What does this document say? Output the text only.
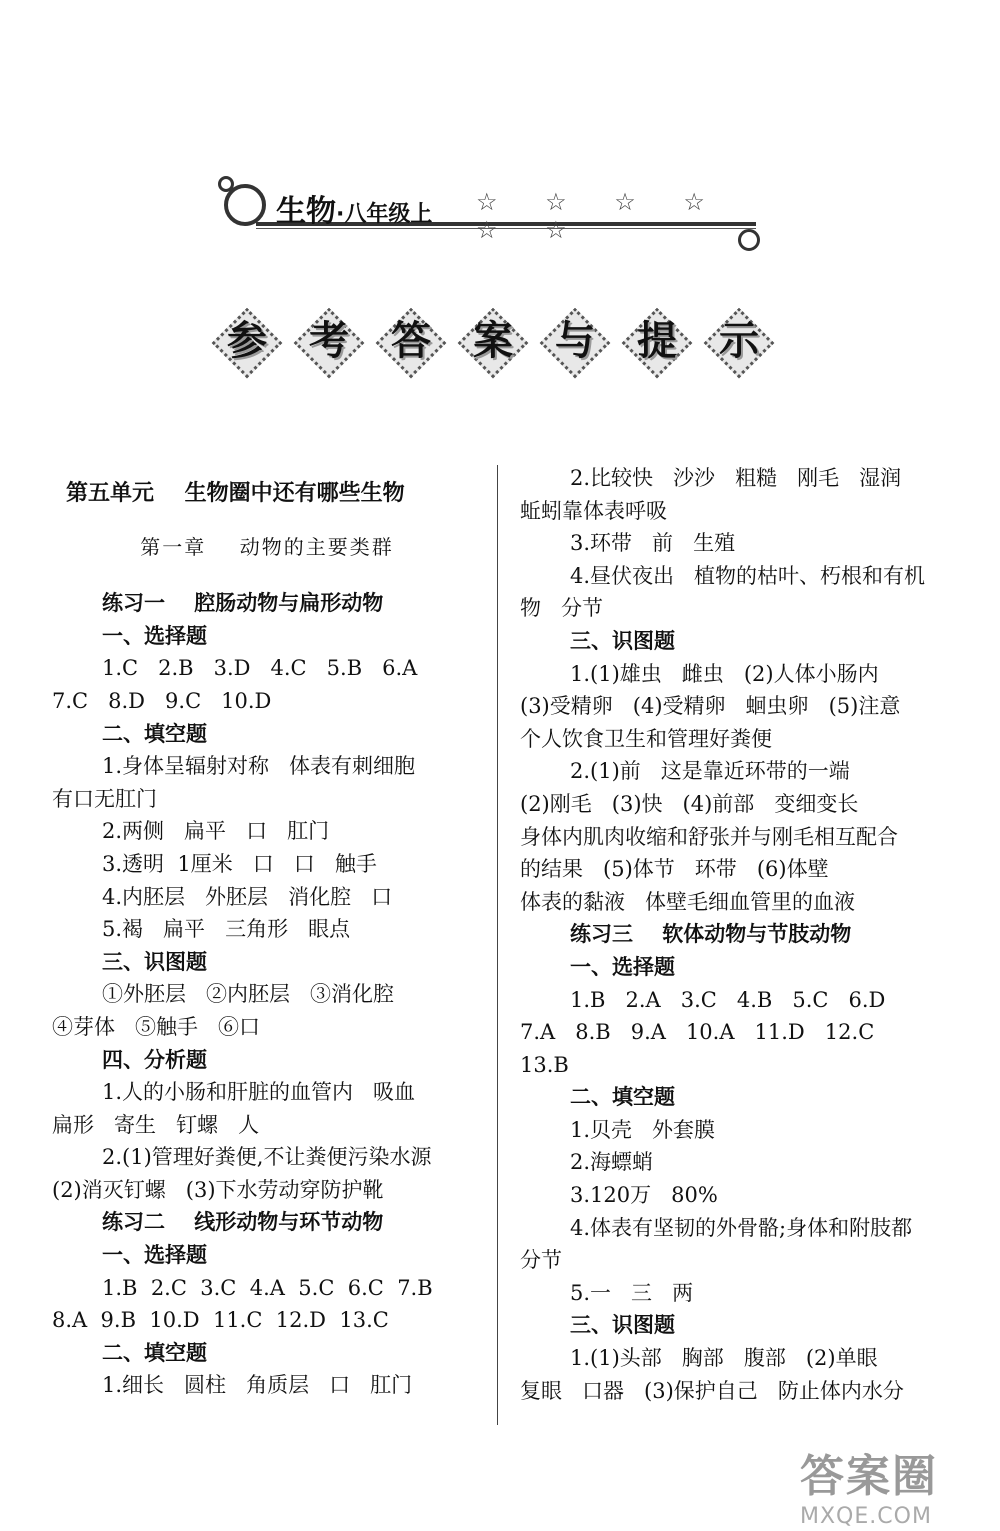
生物·八年级上 ☆ ☆ ☆ ☆ ☆ ☆
参	考	答	案	与	提	示
第五单元    生物圈中还有哪些生物
第一章    动物的主要类群
练习一    腔肠动物与扁形动物
一、选择题
1.C   2.B   3.D   4.C   5.B   6.A
7.C   8.D   9.C   10.D
二、填空题
1.身体呈辐射对称   体表有刺细胞
有口无肛门
2.两侧   扁平   口   肛门
3.透明  1厘米   口   口   触手
4.内胚层   外胚层   消化腔   口
5.褐   扁平   三角形   眼点
三、识图题
①外胚层   ②内胚层   ③消化腔
④芽体   ⑤触手   ⑥口
四、分析题
1.人的小肠和肝脏的血管内   吸血
扁形   寄生   钉螺   人
2.(1)管理好粪便,不让粪便污染水源
(2)消灭钉螺   (3)下水劳动穿防护靴
练习二    线形动物与环节动物
一、选择题
1.B  2.C  3.C  4.A  5.C  6.C  7.B
8.A  9.B  10.D  11.C  12.D  13.C
二、填空题
1.细长   圆柱   角质层   口   肛门
2.比较快   沙沙   粗糙   刚毛   湿润
蚯蚓靠体表呼吸
3.环带   前   生殖
4.昼伏夜出   植物的枯叶、朽根和有机
物   分节
三、识图题
1.(1)雄虫   雌虫   (2)人体小肠内
(3)受精卵   (4)受精卵   蛔虫卵   (5)注意
个人饮食卫生和管理好粪便
2.(1)前   这是靠近环带的一端
(2)刚毛   (3)快   (4)前部   变细变长
身体内肌肉收缩和舒张并与刚毛相互配合
的结果   (5)体节   环带   (6)体壁
体表的黏液   体壁毛细血管里的血液
练习三    软体动物与节肢动物
一、选择题
1.B   2.A   3.C   4.B   5.C   6.D
7.A   8.B   9.A   10.A   11.D   12.C
13.B
二、填空题
1.贝壳   外套膜
2.海螵蛸
3.120万   80%
4.体表有坚韧的外骨骼;身体和附肢都
分节
5.一   三   两
三、识图题
1.(1)头部   胸部   腹部   (2)单眼
复眼   口器   (3)保护自己   防止体内水分
答案圈
MXQE.COM
